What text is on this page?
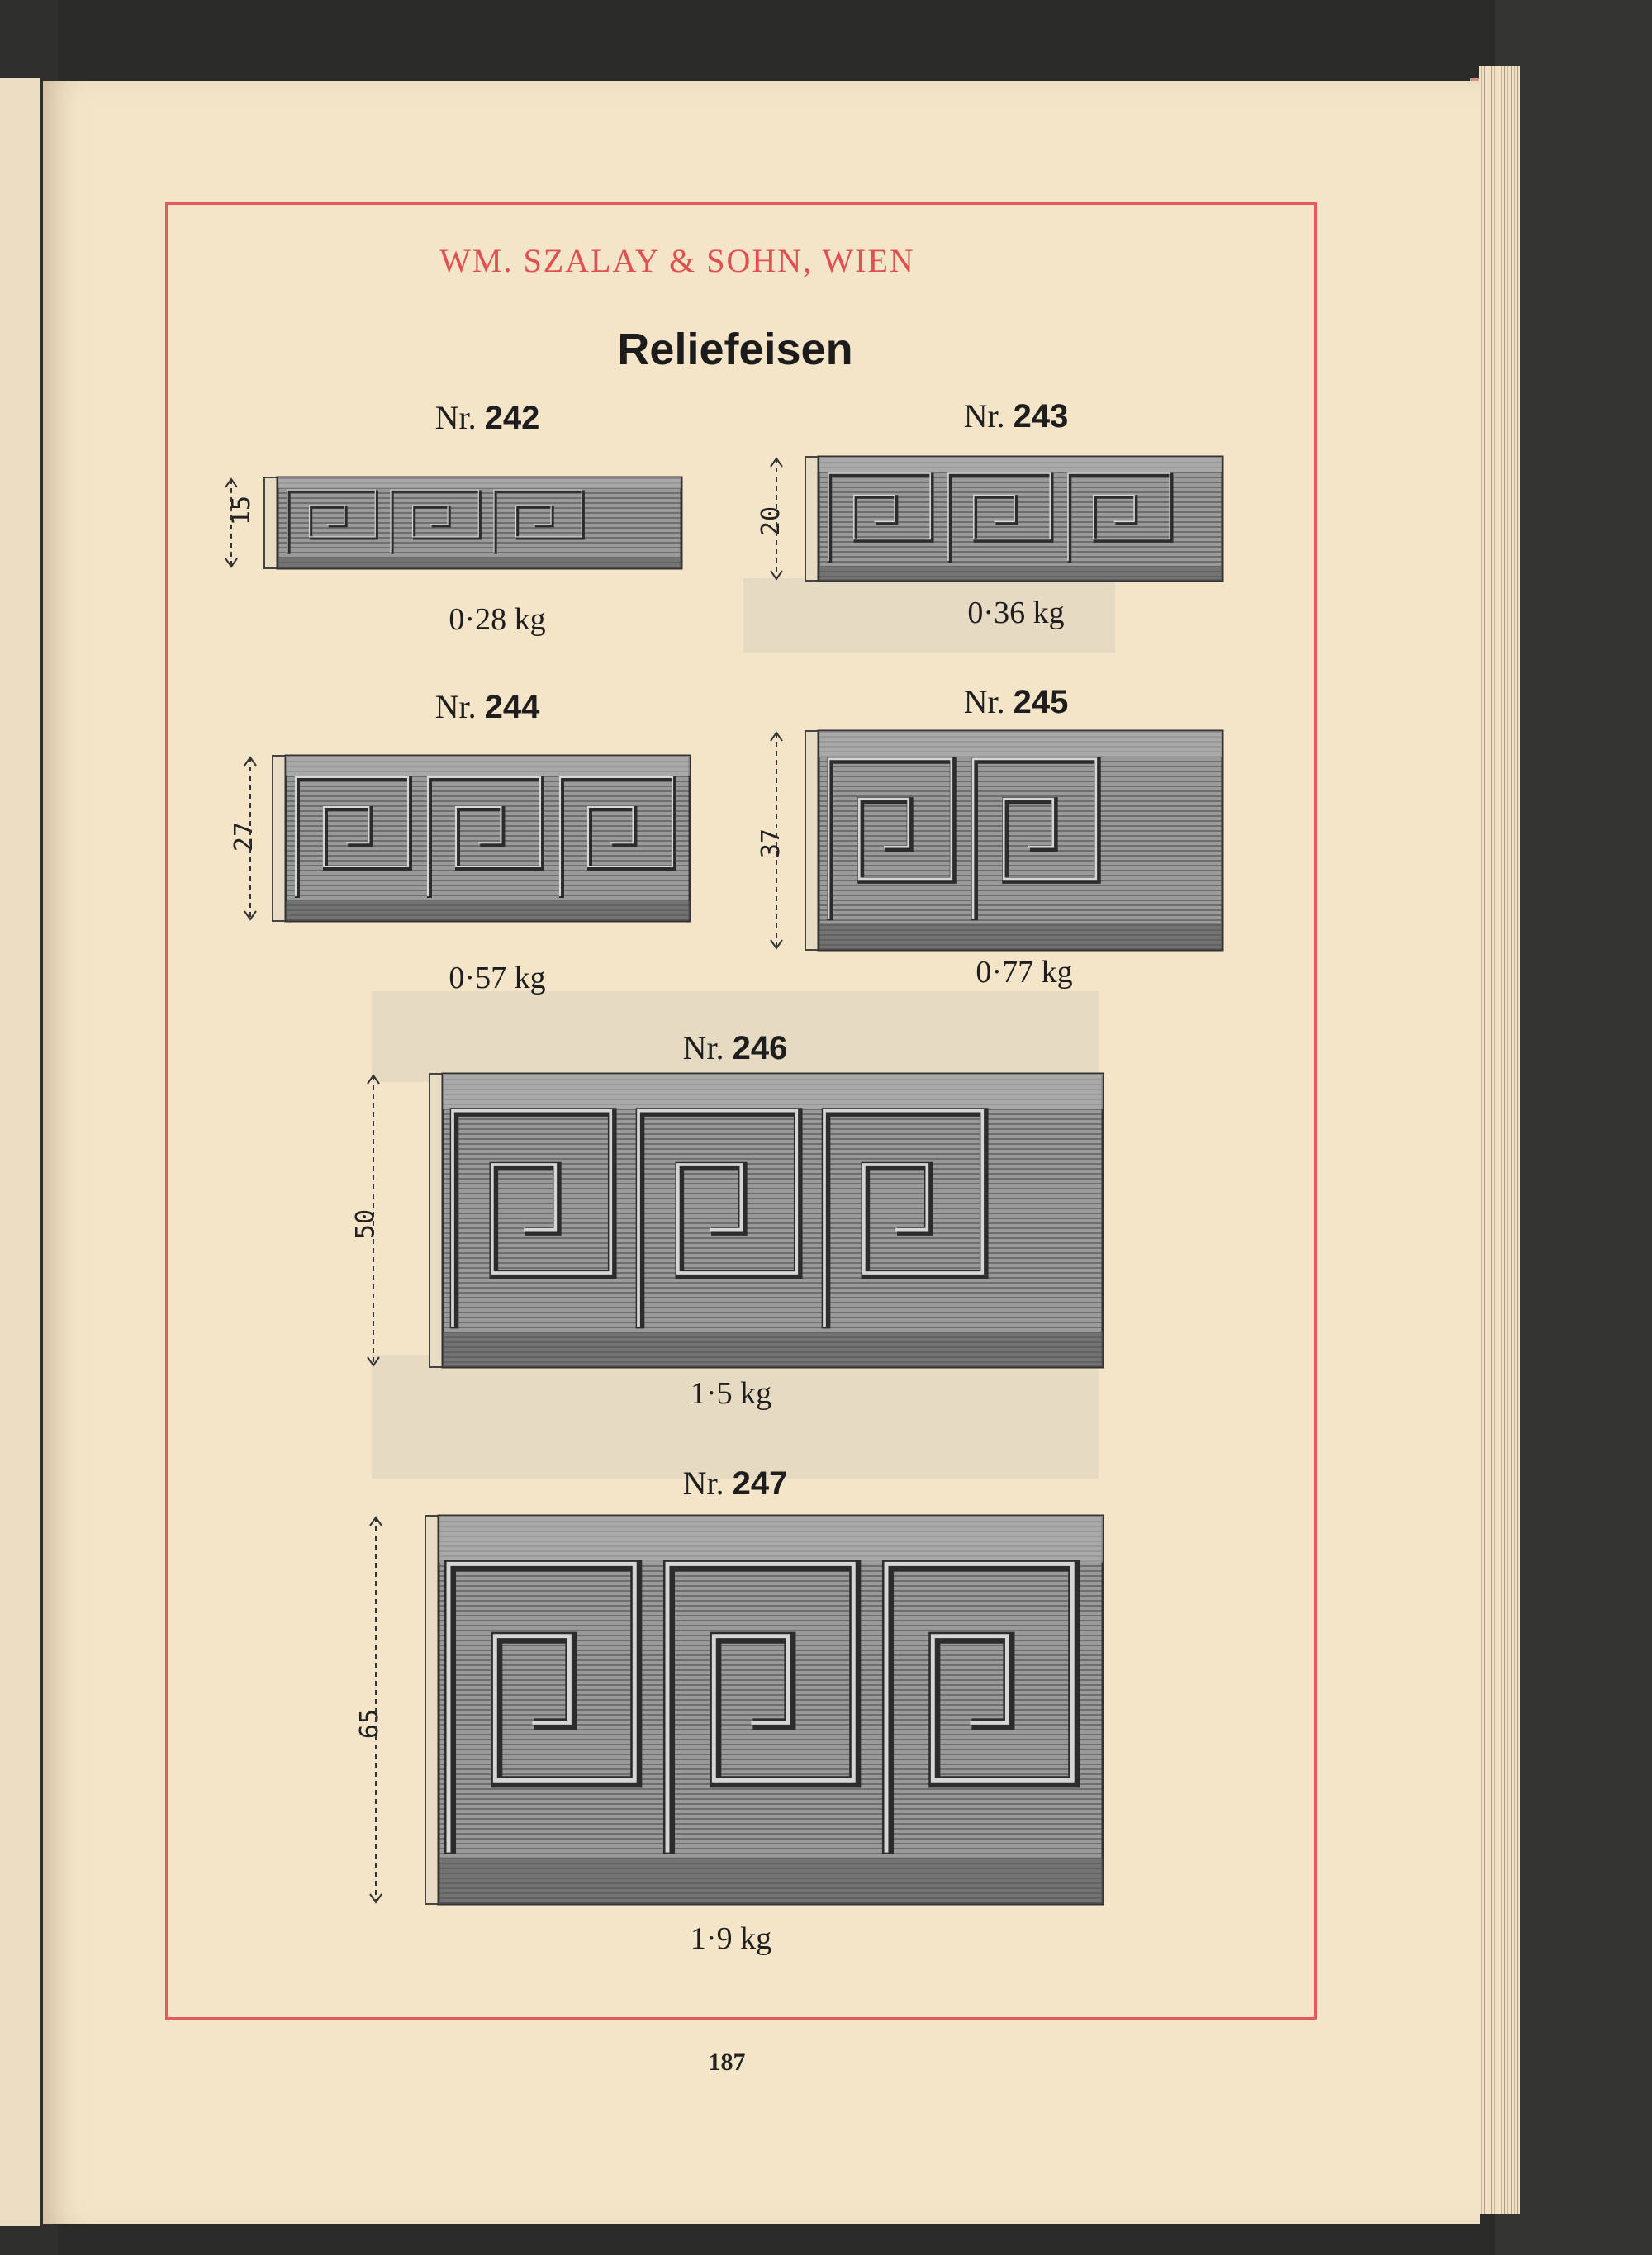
WM. SZALAY & SOHN, WIEN
Reliefeisen
Nr. 242
15
0·28 kg
Nr. 243
20
0·36 kg
Nr. 244
27
0·57 kg
Nr. 245
37
0·77 kg
Nr. 246
50
1·5 kg
Nr. 247
65
1·9 kg
187
